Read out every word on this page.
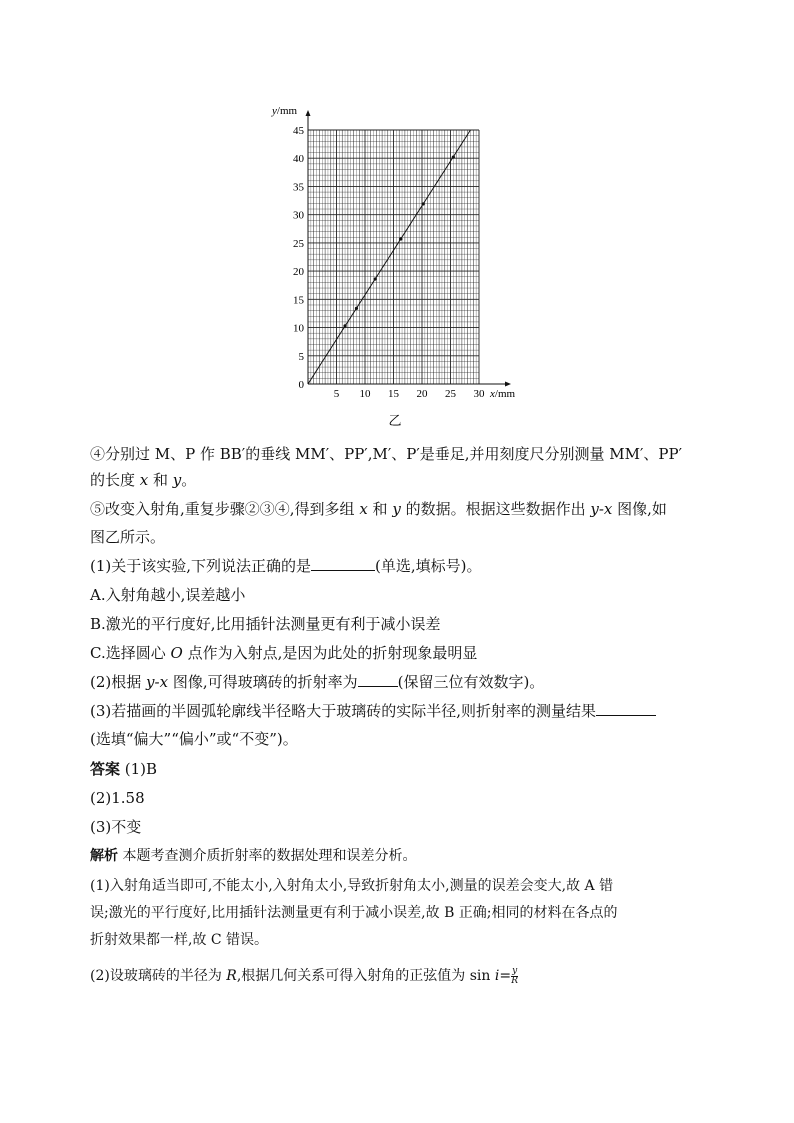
0
5
10
15
20
25
30
35
40
45
5 10 15 20 25 30
y/mm
x/mm
乙
④分别过 M、P 作 BB′的垂线 MM′、PP′,M′、P′是垂足,并用刻度尺分别测量 MM′、PP′
的长度 x 和 y。
⑤改变入射角,重复步骤②③④,得到多组 x 和 y 的数据。根据这些数据作出 y-x 图像,如
图乙所示。
(1)关于该实验,下列说法正确的是	(单选,填标号)。
A.入射角越小,误差越小
B.激光的平行度好,比用插针法测量更有利于减小误差
C.选择圆心 O 点作为入射点,是因为此处的折射现象最明显
(2)根据 y-x 图像,可得玻璃砖的折射率为	(保留三位有效数字)。
(3)若描画的半圆弧轮廓线半径略大于玻璃砖的实际半径,则折射率的测量结果
(选填“偏大”“偏小”或“不变”)。
答案 (1)B
(2)1.58
(3)不变
解析 本题考查测介质折射率的数据处理和误差分析。
(1)入射角适当即可,不能太小,入射角太小,导致折射角太小,测量的误差会变大,故 A 错
误;激光的平行度好,比用插针法测量更有利于减小误差,故 B 正确;相同的材料在各点的
折射效果都一样,故 C 错误。
(2)设玻璃砖的半径为 R,根据几何关系可得入射角的正弦值为 $\sin i= \frac{y}{R}$
